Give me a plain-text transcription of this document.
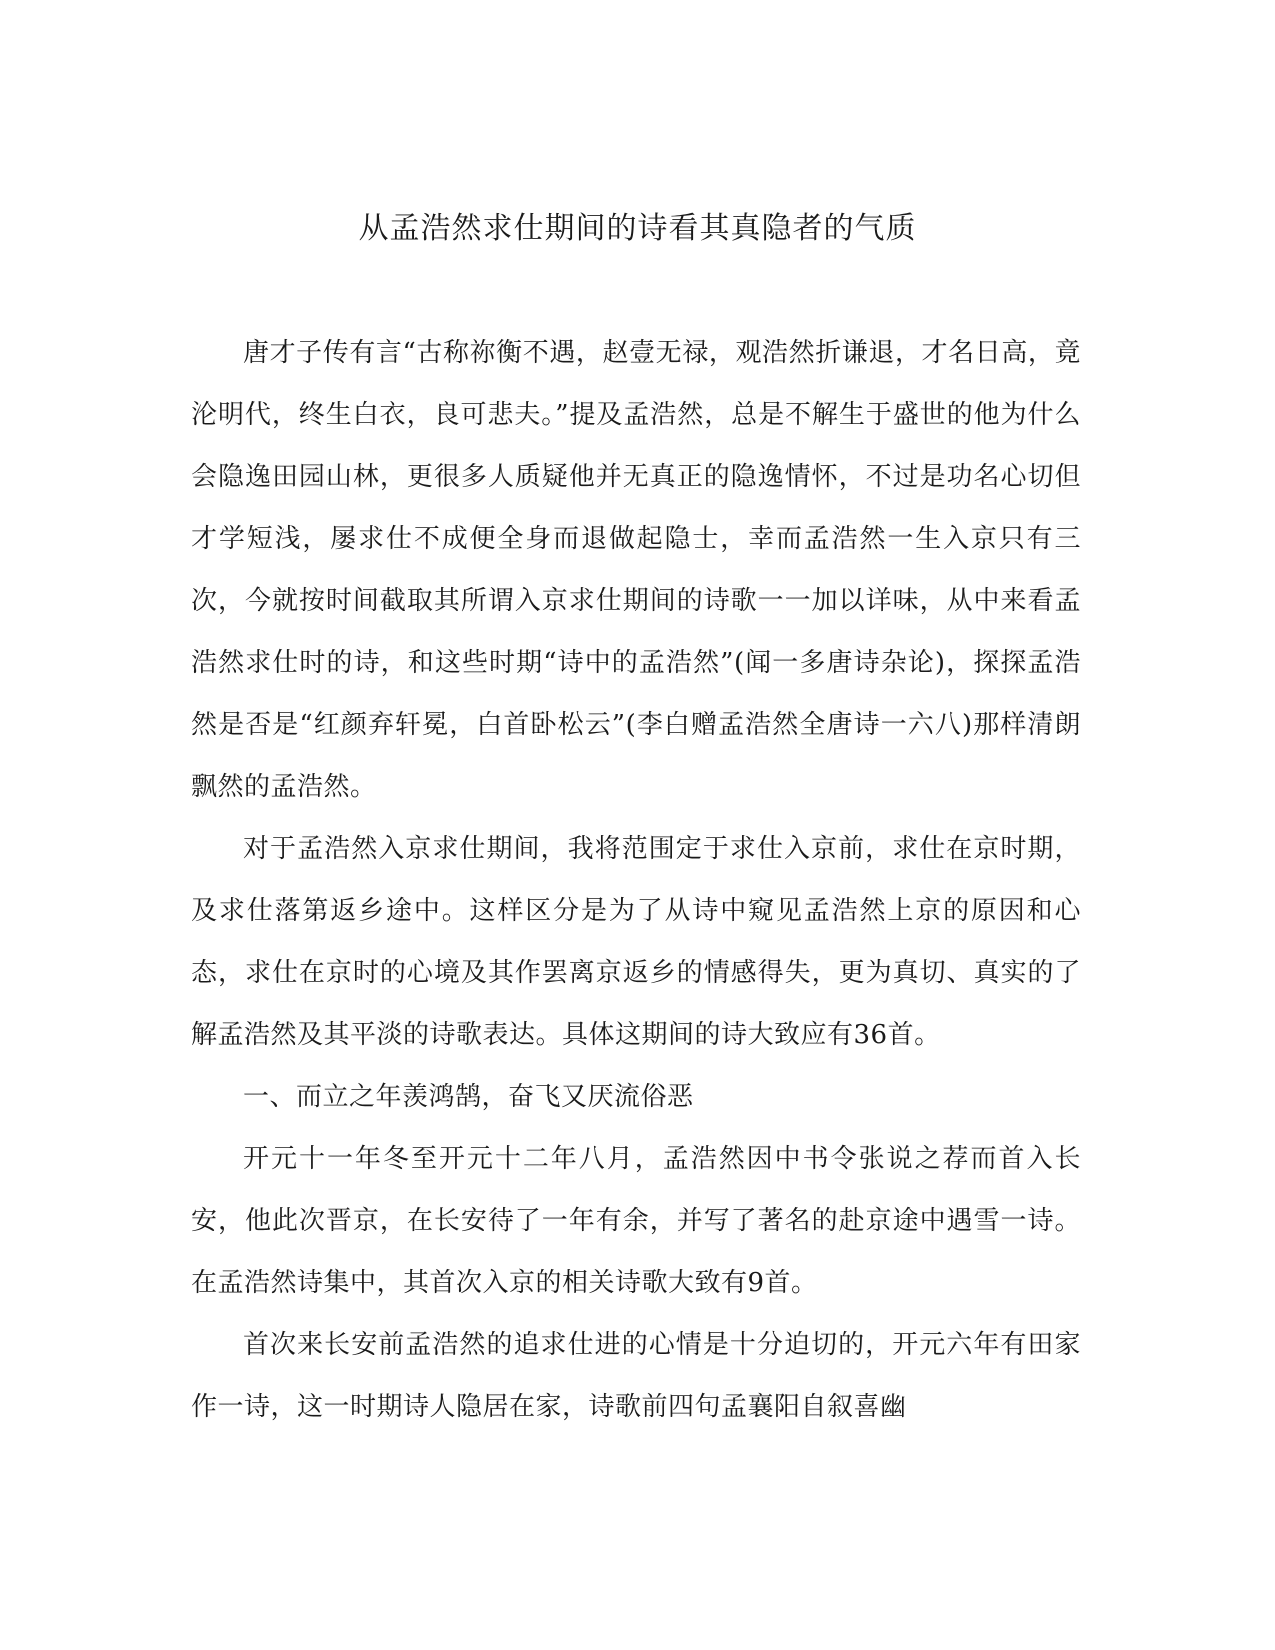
从孟浩然求仕期间的诗看其真隐者的气质

唐才子传有言“古称祢衡不遇，赵壹无禄，观浩然折谦退，才名日高，竟沦明代，终生白衣，良可悲夫。”提及孟浩然，总是不解生于盛世的他为什么会隐逸田园山林，更很多人质疑他并无真正的隐逸情怀，不过是功名心切但才学短浅，屡求仕不成便全身而退做起隐士，幸而孟浩然一生入京只有三次，今就按时间截取其所谓入京求仕期间的诗歌一一加以详味，从中来看孟浩然求仕时的诗，和这些时期“诗中的孟浩然”(闻一多唐诗杂论)，探探孟浩然是否是“红颜弃轩冕，白首卧松云”(李白赠孟浩然全唐诗一六八)那样清朗飘然的孟浩然。

对于孟浩然入京求仕期间，我将范围定于求仕入京前，求仕在京时期，及求仕落第返乡途中。这样区分是为了从诗中窥见孟浩然上京的原因和心态，求仕在京时的心境及其作罢离京返乡的情感得失，更为真切、真实的了解孟浩然及其平淡的诗歌表达。具体这期间的诗大致应有36首。

一、而立之年羡鸿鹄，奋飞又厌流俗恶

开元十一年冬至开元十二年八月，孟浩然因中书令张说之荐而首入长安，他此次晋京，在长安待了一年有余，并写了著名的赴京途中遇雪一诗。在孟浩然诗集中，其首次入京的相关诗歌大致有9首。

首次来长安前孟浩然的追求仕进的心情是十分迫切的，开元六年有田家作一诗，这一时期诗人隐居在家，诗歌前四句孟襄阳自叙喜幽
